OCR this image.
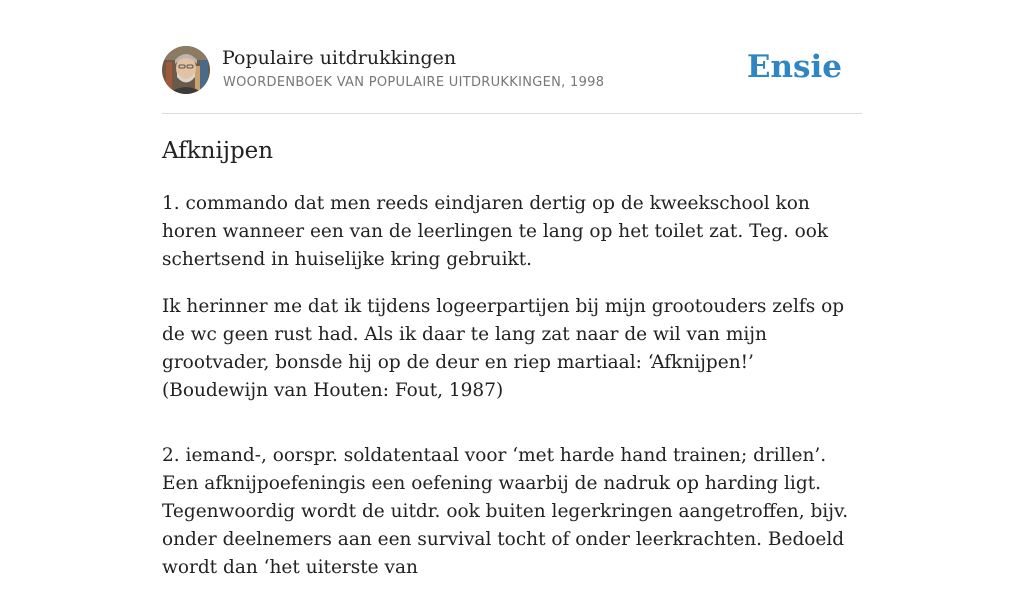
Populaire uitdrukkingen
WOORDENBOEK VAN POPULAIRE UITDRUKKINGEN, 1998	Ensie
Afknijpen

1. commando dat men reeds eindjaren dertig op de kweekschool kon horen wanneer een van de leerlingen te lang op het toilet zat. Teg. ook schertsend in huiselijke kring gebruikt.

Ik herinner me dat ik tijdens logeerpartijen bij mijn grootouders zelfs op de wc geen rust had. Als ik daar te lang zat naar de wil van mijn grootvader, bonsde hij op de deur en riep martiaal: ‘Afknijpen!’ (Boudewijn van Houten: Fout, 1987)

2. iemand-, oorspr. soldatentaal voor ‘met harde hand trainen; drillen’. Een afknijpoefeningis een oefening waarbij de nadruk op harding ligt. Tegenwoordig wordt de uitdr. ook buiten legerkringen aangetroffen, bijv. onder deelnemers aan een survival tocht of onder leerkrachten. Bedoeld wordt dan ‘het uiterste van
